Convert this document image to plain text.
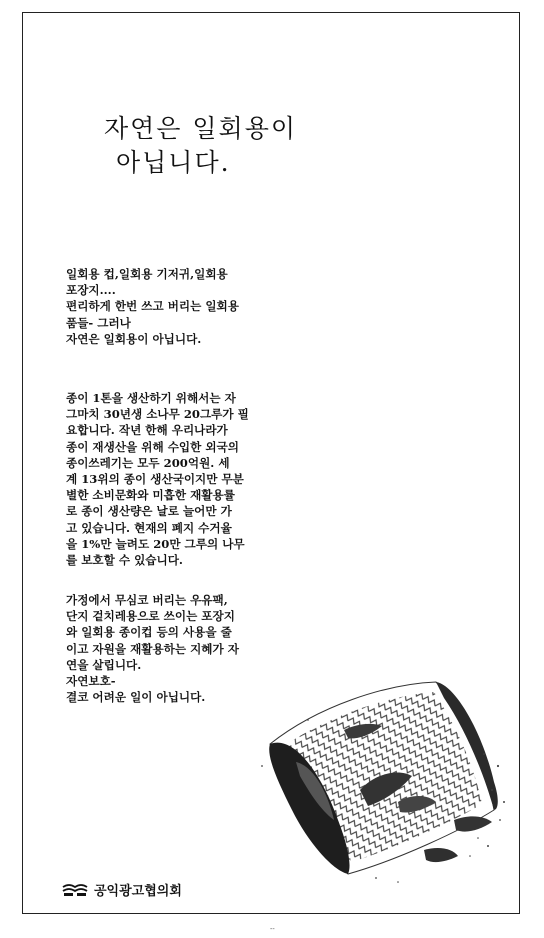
자연은 일회용이
아닙니다.

일회용 컵,일회용 기저귀,일회용
포장지....
편리하게 한번 쓰고 버리는 일회용
품들- 그러나
자연은 일회용이 아닙니다.

종이 1톤을 생산하기 위해서는 자
그마치 30년생 소나무 20그루가 필
요합니다. 작년 한해 우리나라가
종이 재생산을 위해 수입한 외국의
종이쓰레기는 모두 200억원. 세
계 13위의 종이 생산국이지만 무분
별한 소비문화와 미흡한 재활용률
로 종이 생산량은 날로 늘어만 가
고 있습니다. 현재의 폐지 수거율
을 1%만 늘려도 20만 그루의 나무
를 보호할 수 있습니다.

가정에서 무심코 버리는 우유팩,
단지 겉치레용으로 쓰이는 포장지
와 일회용 종이컵 등의 사용을 줄
이고 자원을 재활용하는 지혜가 자
연을 살립니다.
자연보호-
결코 어려운 일이 아닙니다.

공익광고협의회
--
